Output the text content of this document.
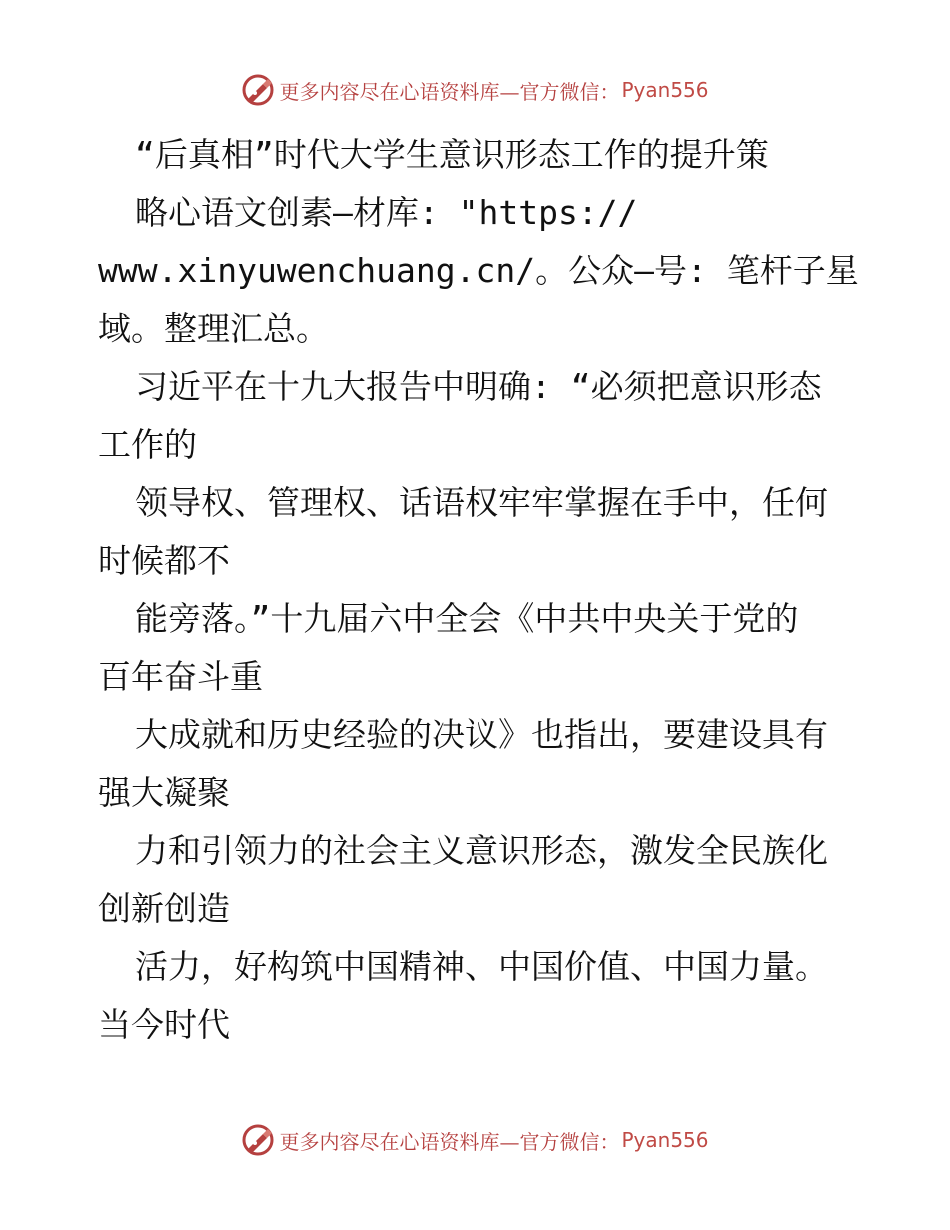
更多内容尽在心语资料库—官方微信： Pyan556
“后真相”时代大学生意识形态工作的提升策
略心语文创素—材库: "https://
www.xinyuwenchuang.cn/。公众—号: 笔杆子星
域。整理汇总。
习近平在十九大报告中明确: “必须把意识形态
工作的
领导权、管理权、话语权牢牢掌握在手中，任何
时候都不
能旁落。”十九届六中全会《中共中央关于党的
百年奋斗重
大成就和历史经验的决议》也指出，要建设具有
强大凝聚
力和引领力的社会主义意识形态，激发全民族化
创新创造
活力，好构筑中国精神、中国价值、中国力量。
当今时代
更多内容尽在心语资料库—官方微信： Pyan556
